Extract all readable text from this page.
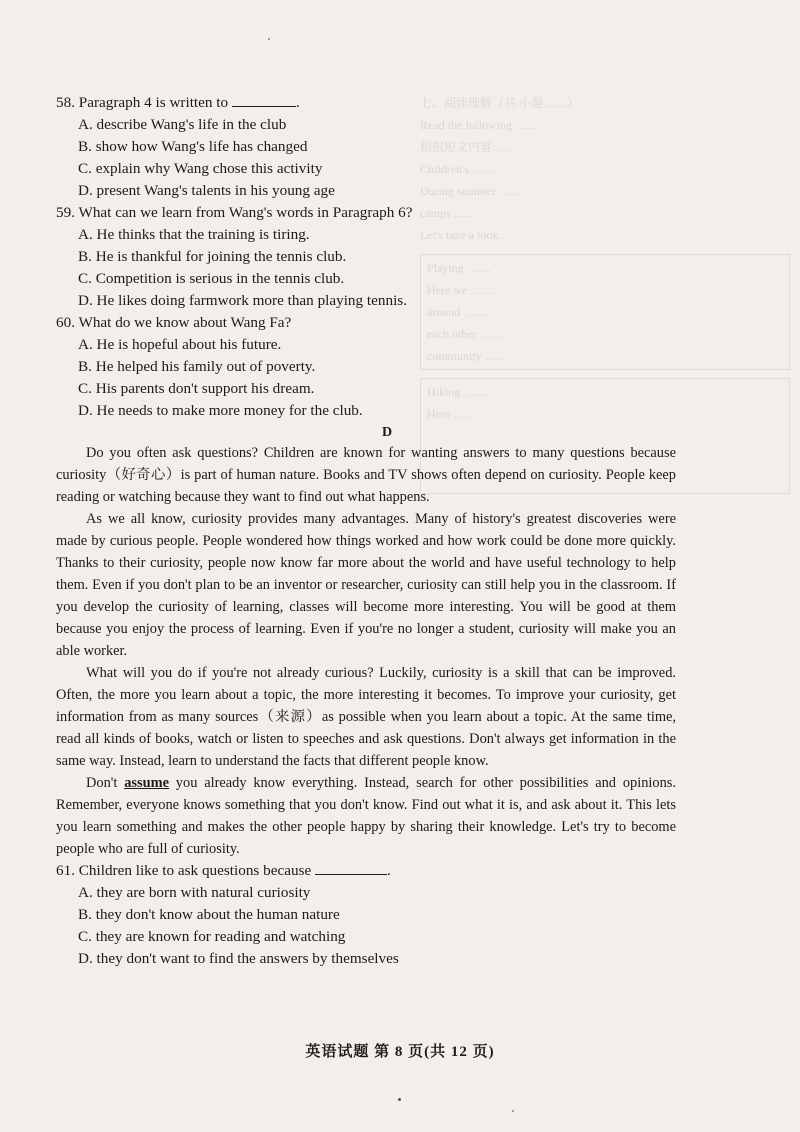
七、阅读理解（共 小题……）
Read the following ……
根据短文内容……
Children's ……
During summer ……
camps ……
Let's take a look.
Playing ……
Here we ……
around ……
each other ……
community ……
Hiking ……
Here ……
58. Paragraph 4 is written to	.
A. describe Wang's life in the club
B. show how Wang's life has changed
C. explain why Wang chose this activity
D. present Wang's talents in his young age
59. What can we learn from Wang's words in Paragraph 6?
A. He thinks that the training is tiring.
B. He is thankful for joining the tennis club.
C. Competition is serious in the tennis club.
D. He likes doing farmwork more than playing tennis.
60. What do we know about Wang Fa?
A. He is hopeful about his future.
B. He helped his family out of poverty.
C. His parents don't support his dream.
D. He needs to make more money for the club.
D

Do you often ask questions? Children are known for wanting answers to many questions because curiosity（好奇心）is part of human nature. Books and TV shows often depend on curiosity. People keep reading or watching because they want to find out what happens.

As we all know, curiosity provides many advantages. Many of history's greatest discoveries were made by curious people. People wondered how things worked and how work could be done more quickly. Thanks to their curiosity, people now know far more about the world and have useful technology to help them. Even if you don't plan to be an inventor or researcher, curiosity can still help you in the classroom. If you develop the curiosity of learning, classes will become more interesting. You will be good at them because you enjoy the process of learning. Even if you're no longer a student, curiosity will make you an able worker.

What will you do if you're not already curious? Luckily, curiosity is a skill that can be improved. Often, the more you learn about a topic, the more interesting it becomes. To improve your curiosity, get information from as many sources（来源）as possible when you learn about a topic. At the same time, read all kinds of books, watch or listen to speeches and ask questions. Don't always get information in the same way. Instead, learn to understand the facts that different people know.

Don't assume you already know everything. Instead, search for other possibilities and opinions. Remember, everyone knows something that you don't know. Find out what it is, and ask about it. This lets you learn something and makes the other people happy by sharing their knowledge. Let's try to become people who are full of curiosity.

61. Children like to ask questions because	.
A. they are born with natural curiosity
B. they don't know about the human nature
C. they are known for reading and watching
D. they don't want to find the answers by themselves
英语试题 第 8 页(共 12 页)
